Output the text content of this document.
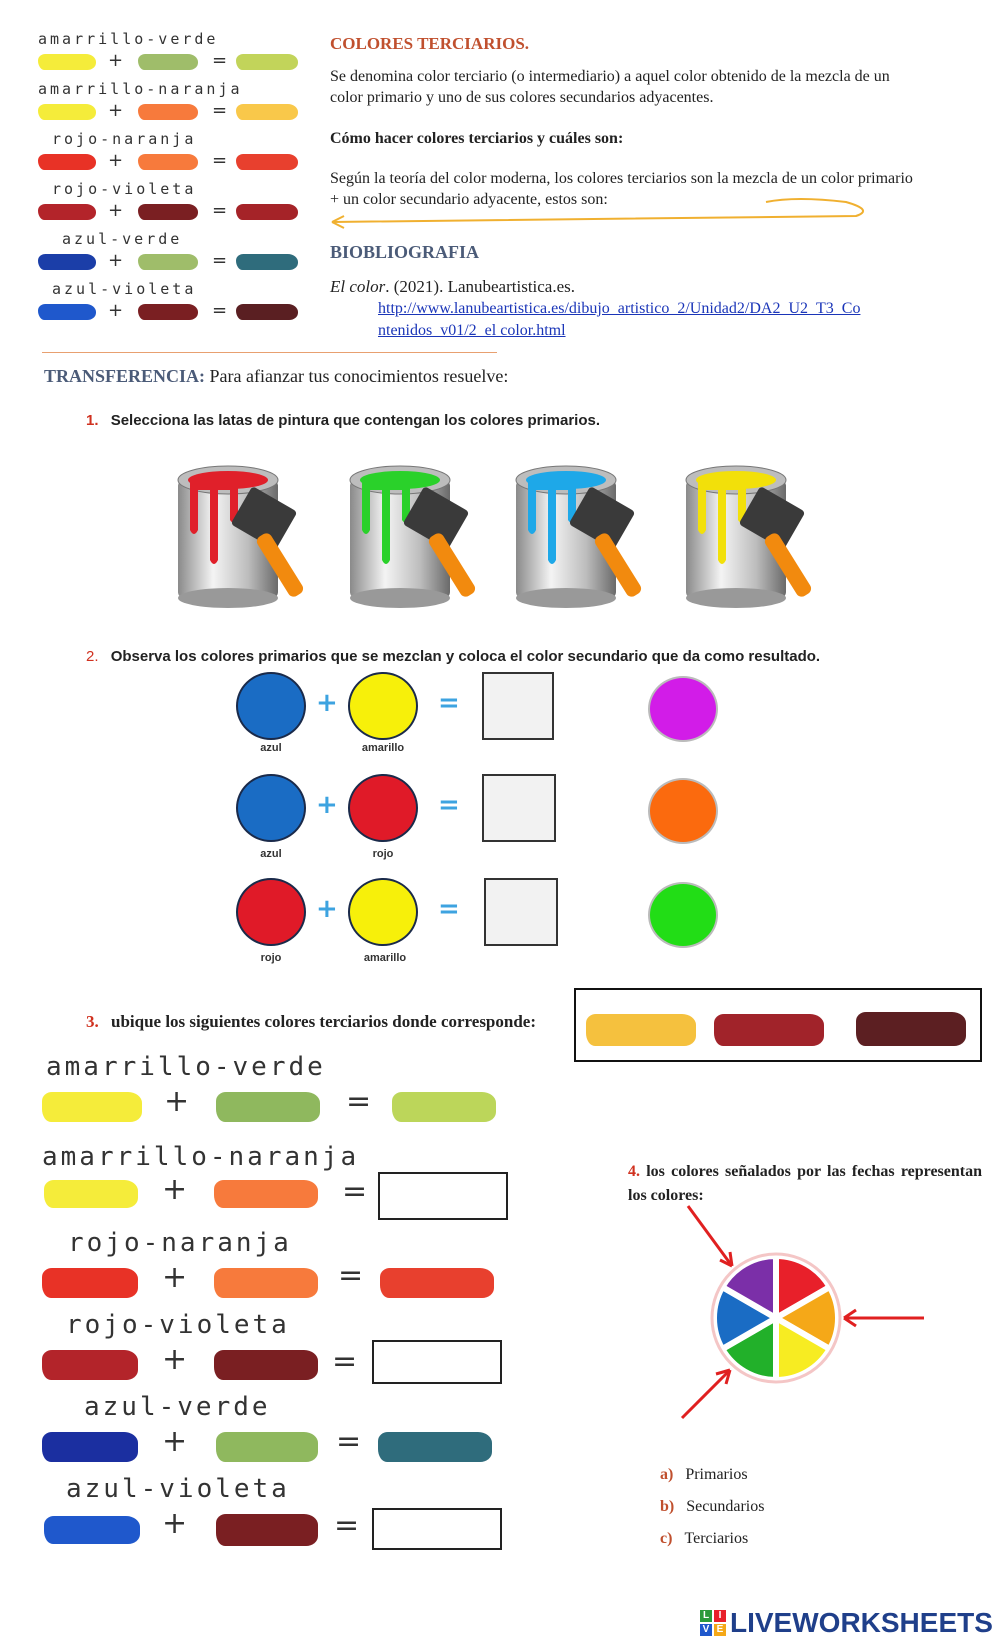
amarrillo-verde
+	=
amarrillo-naranja
+	=
rojo-naranja
+	=
rojo-violeta
+	=
azul-verde
+	=
azul-violeta
+	=
COLORES TERCIARIOS.
Se denomina color terciario (o intermediario) a aquel color obtenido de la mezcla de un color primario y uno de sus colores secundarios adyacentes.
Cómo hacer colores terciarios y cuáles son:
Según la teoría del color moderna, los colores terciarios son la mezcla de un color primario + un color secundario adyacente, estos son:
BIOBLIOGRAFIA
El color. (2021). Lanubeartistica.es.
http://www.lanubeartistica.es/dibujo_artistico_2/Unidad2/DA2_U2_T3_Co
ntenidos_v01/2_el color.html
TRANSFERENCIA: Para afianzar tus conocimientos resuelve:
1. Selecciona las latas de pintura que contengan los colores primarios.
2. Observa los colores primarios que se mezclan y coloca el color secundario que da como resultado.
azul
+
amarillo
=
azul
+
rojo
=
rojo
+
amarillo
=
3. ubique los siguientes colores terciarios donde corresponde:
amarrillo-verde
+	=
amarrillo-naranja
+	=
rojo-naranja
+	=
rojo-violeta
+	=
azul-verde
+	=
azul-violeta
+	=
4. los colores señalados por las fechas representan los colores:
a) Primarios
b) Secundarios
c) Terciarios
L I
V E LIVEWORKSHEETS
